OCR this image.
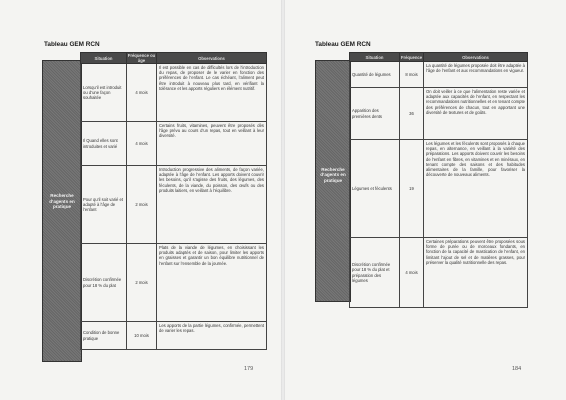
Tableau GEM RCN
Recherche d’agents en pratique
Situation	Fréquence ou âge	Observations
Lorsqu’il est introduit ou d’une façon souhaitée	4 mois	Il est possible en cas de difficultés lors de l’introduction du repas, de proposer de le varier en fonction des préférences de l’enfant. Le cas échéant, l’aliment peut être introduit à nouveau plus tard, en vérifiant la tolérance et les apports réguliers en élément nutritif.
Il Quand elles sont introduites et varié	4 mois	Certains fruits, vitamines, peuvent être proposés dès l’âge prévu au cours d’un repas, tout en veillant à leur diversité.
Pour qu’il soit varié et adapté à l’âge de l’enfant	2 mois	Introduction progressive des aliments, de façon variée, adaptée à l’âge de l’enfant. Les apports doivent couvrir les besoins, qu’il s’agisse des fruits, des légumes, des féculents, de la viande, du poisson, des œufs ou des produits laitiers, en veillant à l’équilibre.
Discrétion confirmée pour 18 % du plat	2 mois	Plats de la viande de légumes, en choisissant les produits adaptés et de saison, pour limiter les apports en graisses et garantir un bon équilibre nutritionnel de l’enfant sur l’ensemble de la journée.
Condition de bonne pratique	10 mois	Les apports de la partie légumes, confirmée, permettent de varier les repas.
179
Tableau GEM RCN
Recherche d’agents en pratique
Situation	Fréquence	Observations
Quantité de légumes	8 mois	La quantité de légumes proposée doit être adaptée à l’âge de l’enfant et aux recommandations en vigueur.
Apparition des premières dents	36	On doit veiller à ce que l’alimentation reste variée et adaptée aux capacités de l’enfant, en respectant les recommandations nutritionnelles et en tenant compte des préférences de chacun, tout en apportant une diversité de textures et de goûts.
Légumes et féculents	19	Les légumes et les féculents sont proposés à chaque repas, en alternance, en veillant à la variété des préparations. Les apports doivent couvrir les besoins de l’enfant en fibres, en vitamines et en minéraux, en tenant compte des saisons et des habitudes alimentaires de la famille, pour favoriser la découverte de nouveaux aliments.
Discrétion confirmée pour 18 % du plat et préparation des légumes	4 mois	Certaines préparations peuvent être proposées sous forme de purée ou de morceaux fondants, en fonction de la capacité de mastication de l’enfant, en limitant l’ajout de sel et de matières grasses, pour préserver la qualité nutritionnelle des repas.
184
